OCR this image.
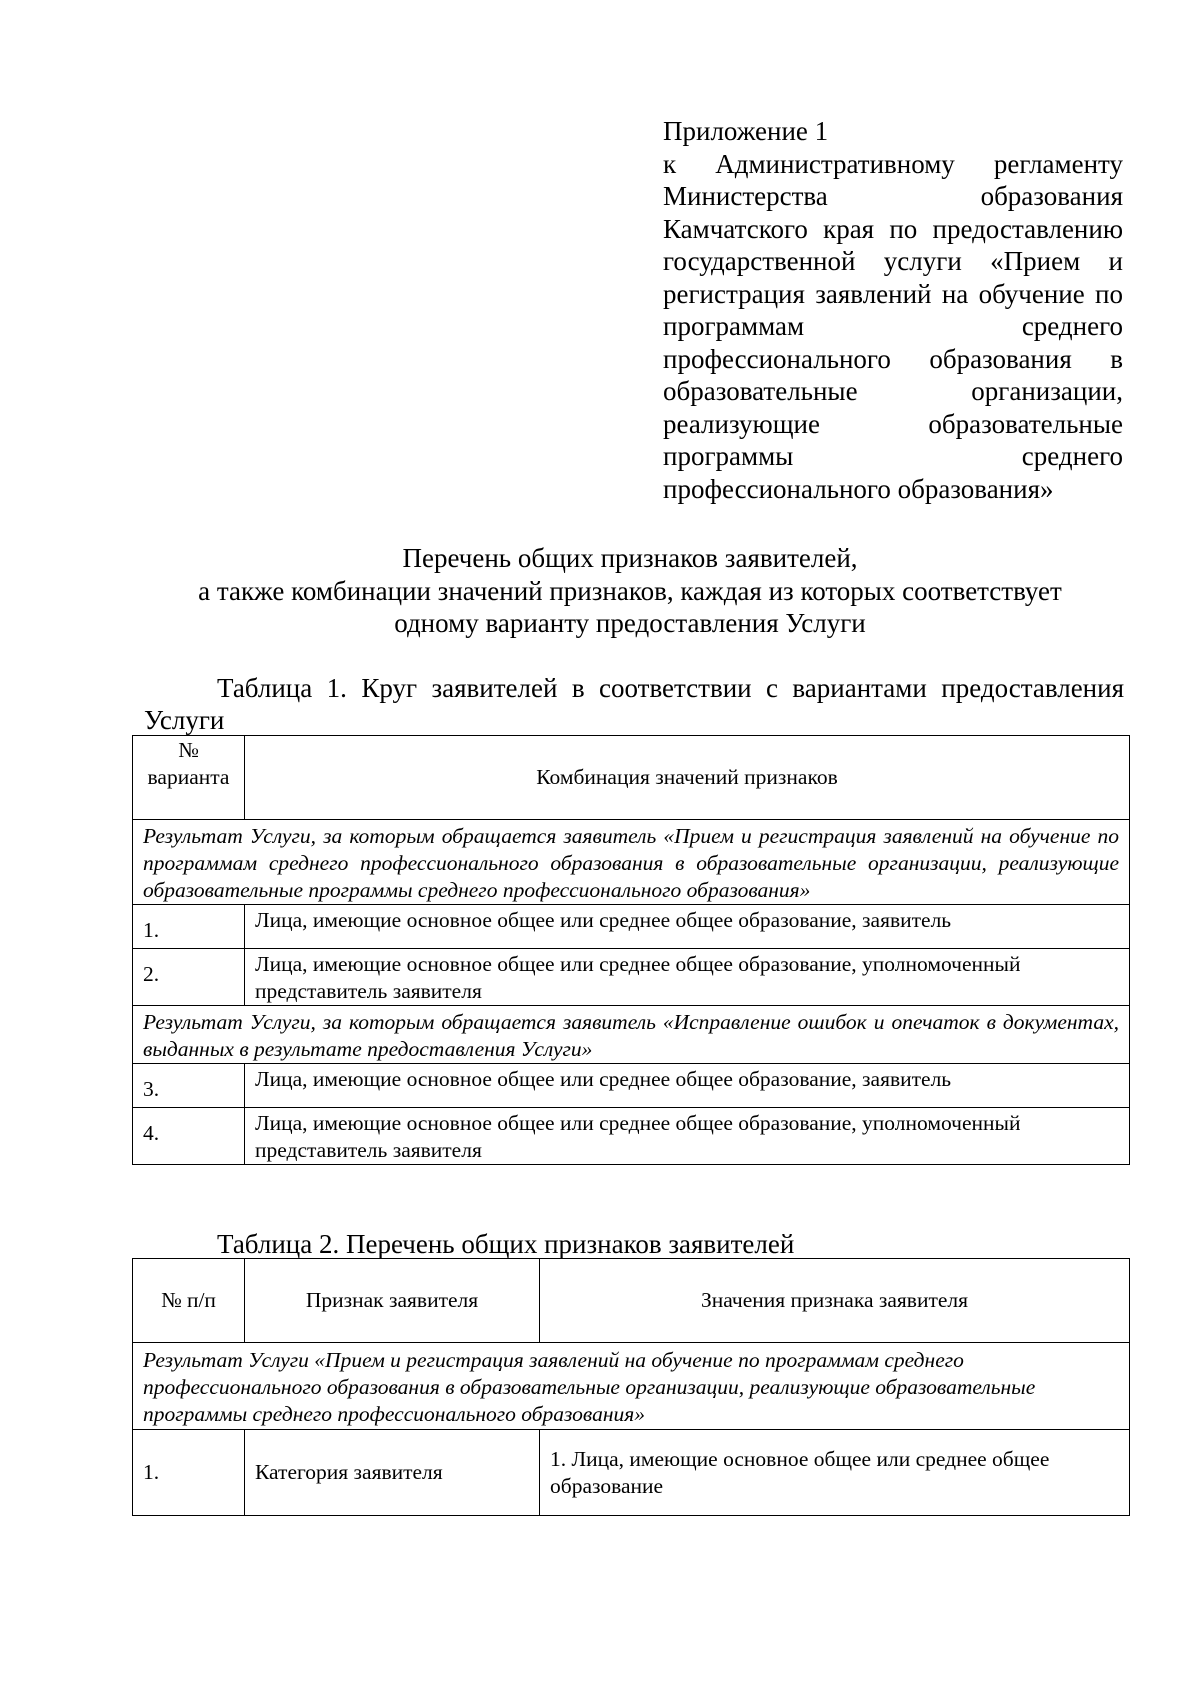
Приложение 1
к Административному регламенту Министерства образования Камчатского края по предоставлению государственной услуги «Прием и регистрация заявлений на обучение по программам среднего профессионального образования в образовательные организации, реализующие образовательные программы среднего профессионального образования»
Перечень общих признаков заявителей,
а также комбинации значений признаков, каждая из которых соответствует
одному варианту предоставления Услуги
Таблица 1. Круг заявителей в соответствии с вариантами предоставления Услуги
№ варианта	Комбинация значений признаков
Результат Услуги, за которым обращается заявитель «Прием и регистрация заявлений на обучение по программам среднего профессионального образования в образовательные организации, реализующие образовательные программы среднего профессионального образования»	
1.	Лица, имеющие основное общее или среднее общее образование, заявитель
2.	Лица, имеющие основное общее или среднее общее образование, уполномоченный представитель заявителя
Результат Услуги, за которым обращается заявитель «Исправление ошибок и опечаток в документах, выданных в результате предоставления Услуги»	
3.	Лица, имеющие основное общее или среднее общее образование, заявитель
4.	Лица, имеющие основное общее или среднее общее образование, уполномоченный представитель заявителя
Таблица 2. Перечень общих признаков заявителей
№ п/п	Признак заявителя	Значения признака заявителя
Результат Услуги «Прием и регистрация заявлений на обучение по программам среднего профессионального образования в образовательные организации, реализующие образовательные программы среднего профессионального образования»		
1.	Категория заявителя	1. Лица, имеющие основное общее или среднее общее образование
